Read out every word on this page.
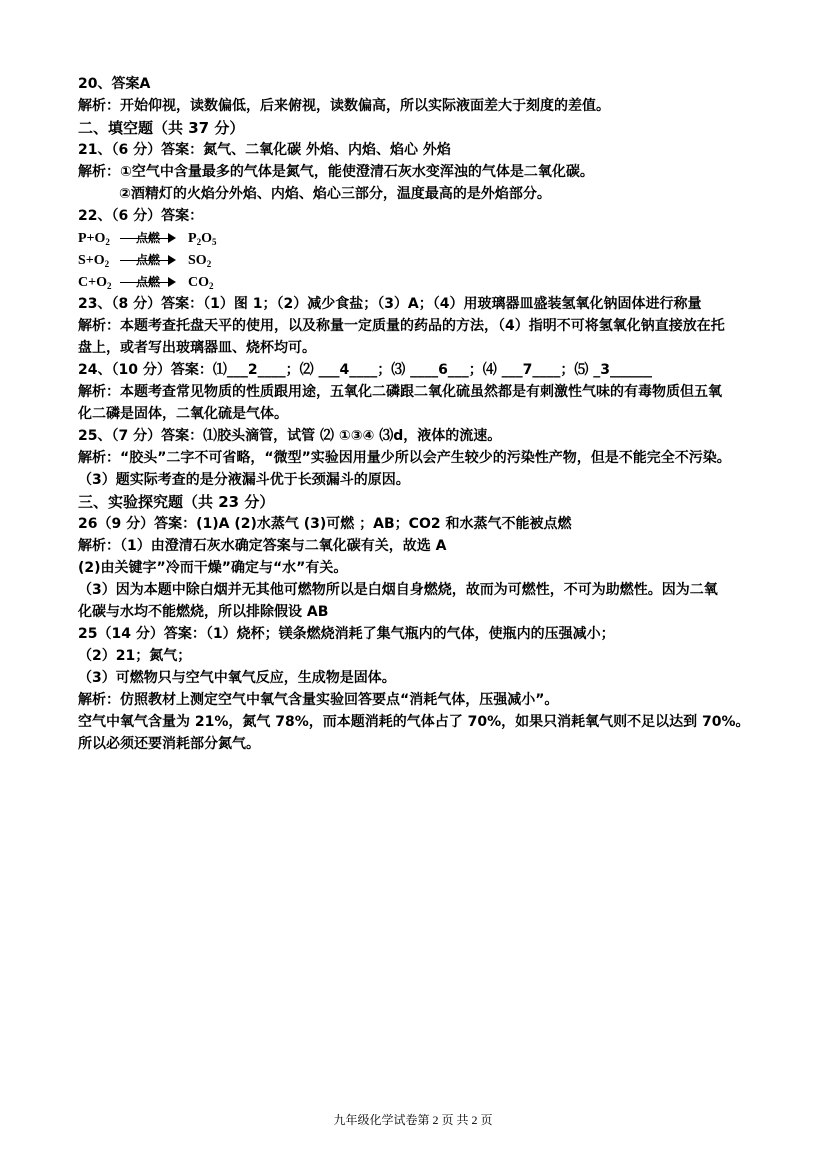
20、答案A
解析：开始仰视，读数偏低，后来俯视，读数偏高，所以实际液面差大于刻度的差值。
二、填空题（共 37 分）
21、（6 分）答案：氮气、二氧化碳 外焰、内焰、焰心 外焰
解析：①空气中含量最多的气体是氮气，能使澄清石灰水变浑浊的气体是二氧化碳。
②酒精灯的火焰分外焰、内焰、焰心三部分，温度最高的是外焰部分。
22、（6 分）答案：
$P+O_2$ 点燃 $P_2O_5$
$S+O_2$ 点燃 $SO_2$
$C+O_2$ 点燃 $CO_2$
23、（8 分）答案：（1）图 1；（2）减少食盐；（3）A；（4）用玻璃器皿盛装氢氧化钠固体进行称量
解析：本题考查托盘天平的使用，以及称量一定质量的药品的方法，（4）指明不可将氢氧化钠直接放在托
盘上，或者写出玻璃器皿、烧杯均可。
24、（10 分）答案：⑴___2____；⑵ ___4____；⑶ ____6___；⑷ ___7____；⑸ _3______
解析：本题考查常见物质的性质跟用途，五氧化二磷跟二氧化硫虽然都是有刺激性气味的有毒物质但五氧
化二磷是固体，二氧化硫是气体。
25、（7 分）答案：⑴胶头滴管，试管 ⑵ ①③④ ⑶d，液体的流速。
解析：“胶头”二字不可省略，“微型”实验因用量少所以会产生较少的污染性产物，但是不能完全不污染。
（3）题实际考查的是分液漏斗优于长颈漏斗的原因。
三、实验探究题（共 23 分）
26（9 分）答案：(1)A (2)水蒸气 (3)可燃 ；AB；CO2 和水蒸气不能被点燃
解析：（1）由澄清石灰水确定答案与二氧化碳有关，故选 A
(2)由关键字”冷而干燥”确定与“水”有关。
（3）因为本题中除白烟并无其他可燃物所以是白烟自身燃烧，故而为可燃性，不可为助燃性。因为二氧
化碳与水均不能燃烧，所以排除假设 AB
25（14 分）答案：（1）烧杯；镁条燃烧消耗了集气瓶内的气体，使瓶内的压强减小；
（2）21；氮气；
（3）可燃物只与空气中氧气反应，生成物是固体。
解析：仿照教材上测定空气中氧气含量实验回答要点“消耗气体，压强减小”。
空气中氧气含量为 21%，氮气 78%，而本题消耗的气体占了 70%，如果只消耗氧气则不足以达到 70%。
所以必须还要消耗部分氮气。
九年级化学试卷第 2 页 共 2 页
